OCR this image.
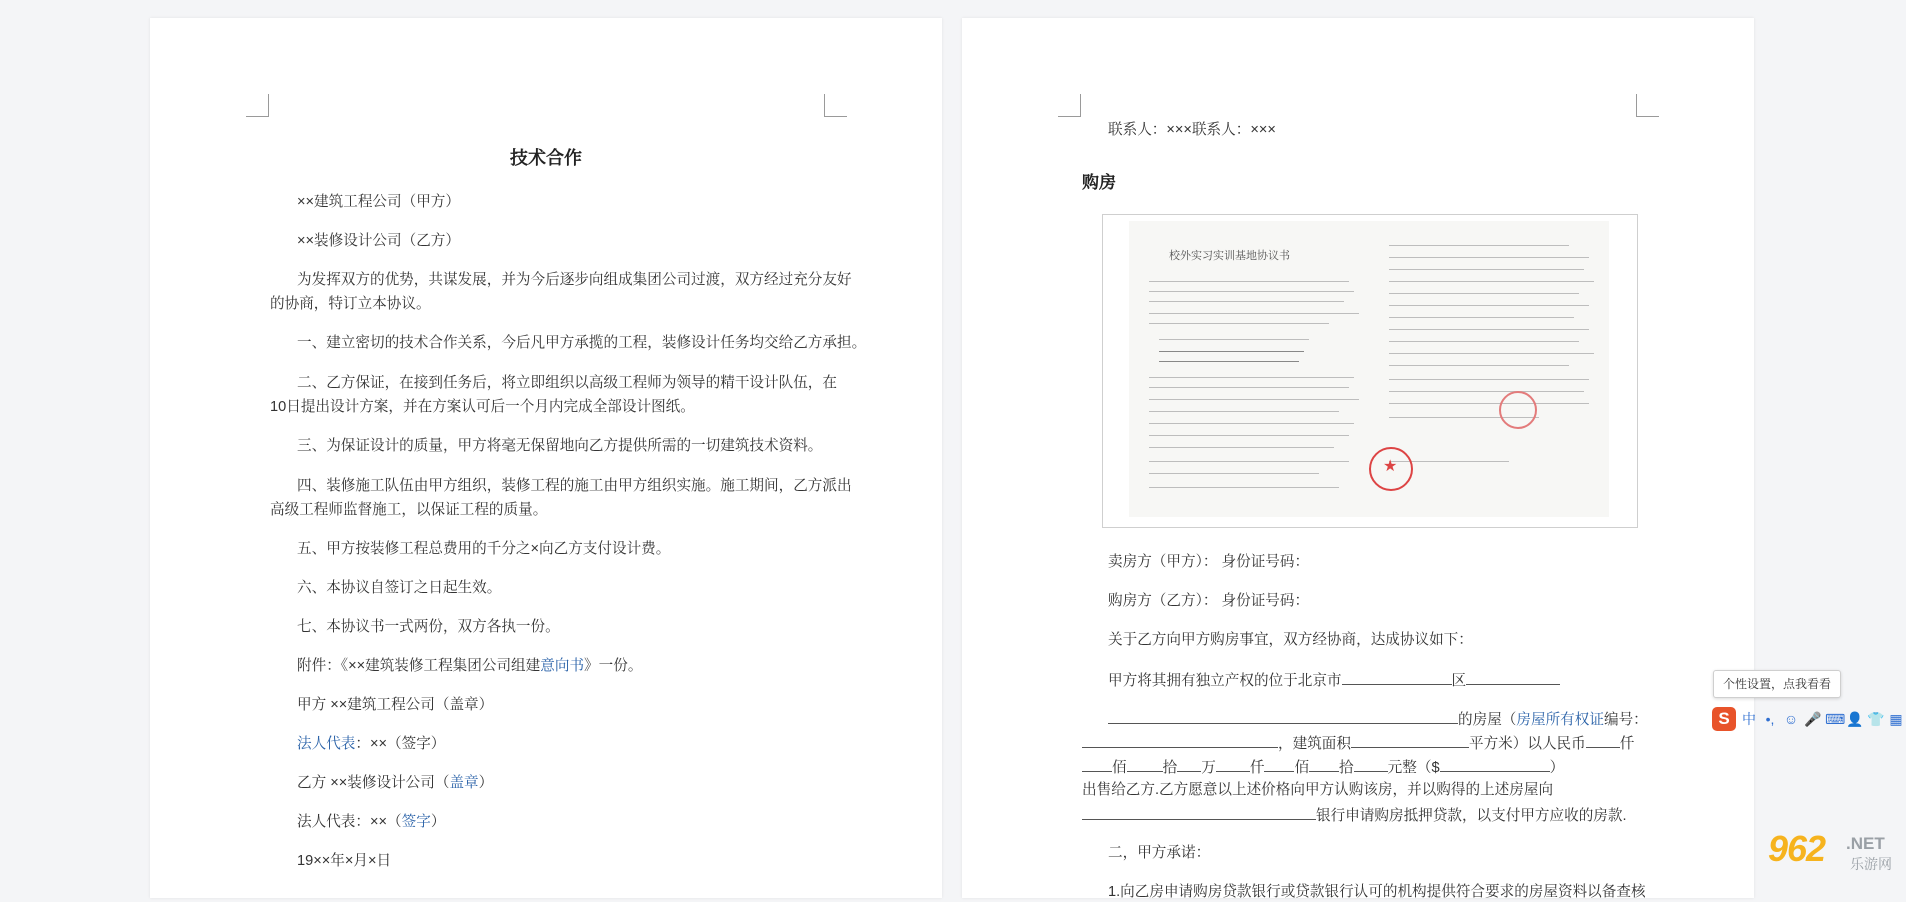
技术合作
××建筑工程公司（甲方）
××装修设计公司（乙方）
为发挥双方的优势，共谋发展，并为今后逐步向组成集团公司过渡，双方经过充分友好
的协商，特订立本协议。
一、建立密切的技术合作关系，今后凡甲方承揽的工程，装修设计任务均交给乙方承担。
二、乙方保证，在接到任务后，将立即组织以高级工程师为领导的精干设计队伍，在
10日提出设计方案，并在方案认可后一个月内完成全部设计图纸。
三、为保证设计的质量，甲方将毫无保留地向乙方提供所需的一切建筑技术资料。
四、装修施工队伍由甲方组织，装修工程的施工由甲方组织实施。施工期间，乙方派出
高级工程师监督施工，以保证工程的质量。
五、甲方按装修工程总费用的千分之×向乙方支付设计费。
六、本协议自签订之日起生效。
七、本协议书一式两份，双方各执一份。
附件：《××建筑装修工程集团公司组建意向书》一份。
甲方 ××建筑工程公司（盖章）
法人代表：××（签字）
乙方 ××装修设计公司（盖章）
法人代表：××（签字）
19××年×月×日
联系人：×××联系人：×××
购房
校外实习实训基地协议书
★
卖房方（甲方）： 身份证号码：
购房方（乙方）： 身份证号码：
关于乙方向甲方购房事宜，双方经协商，达成协议如下：
甲方将其拥有独立产权的位于北京市	区
的房屋（房屋所有权证编号：
，建筑面积	平方米）以人民币 仟
佰 拾 万 仟 佰 拾 元整（$	）
出售给乙方.乙方愿意以上述价格向甲方认购该房，并以购得的上述房屋向
银行申请购房抵押贷款，以支付甲方应收的房款.
二，甲方承诺：
1.向乙房申请购房贷款银行或贷款银行认可的机构提供符合要求的房屋资料以备查核
个性设置，点我看看
S 中 •, ☺ 🎤 ⌨ 👤 👕 ▦
962 .NET
乐游网
